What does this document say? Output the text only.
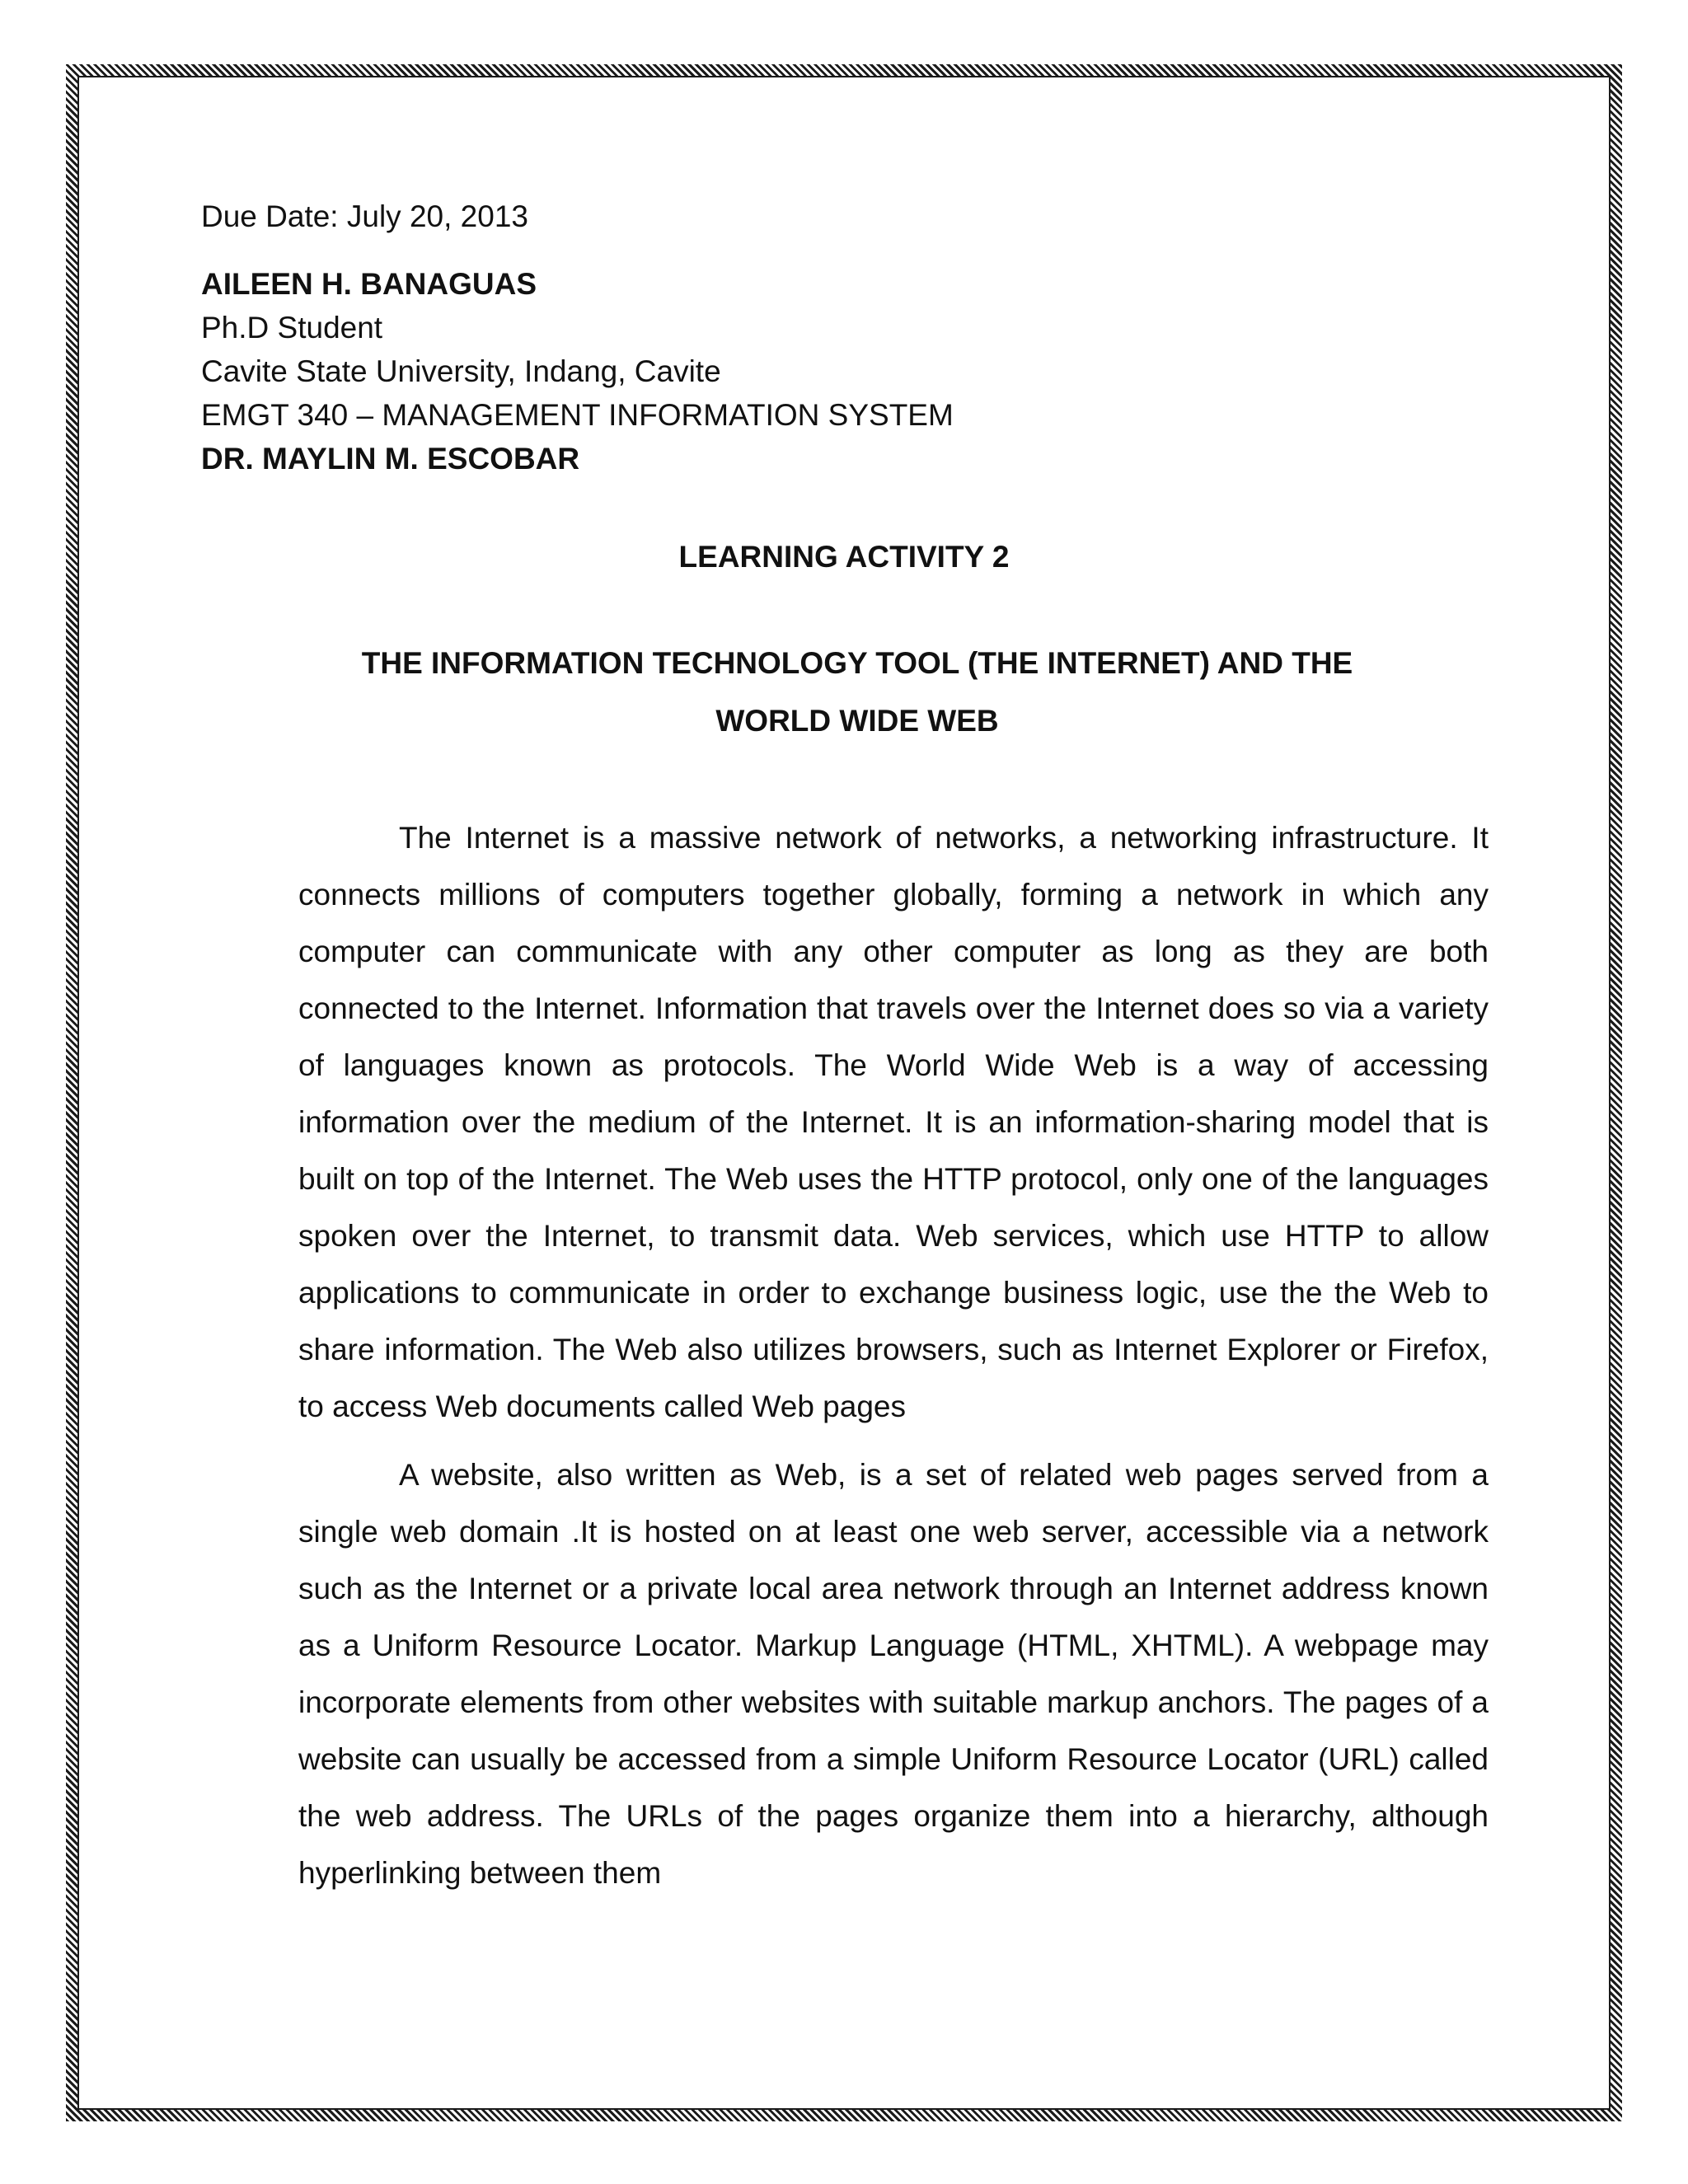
Due Date: July 20, 2013

AILEEN H. BANAGUAS

Ph.D Student

Cavite State University, Indang, Cavite

EMGT 340 – MANAGEMENT INFORMATION SYSTEM

DR. MAYLIN M. ESCOBAR

LEARNING ACTIVITY 2

THE INFORMATION TECHNOLOGY TOOL (THE INTERNET) AND THE
WORLD WIDE WEB

The Internet is a massive network of networks, a networking infrastructure. It connects millions of computers together globally, forming a network in which any computer can communicate with any other computer as long as they are both connected to the Internet. Information that travels over the Internet does so via a variety of languages known as protocols. The World Wide Web is a way of accessing information over the medium of the Internet. It is an information-sharing model that is built on top of the Internet. The Web uses the HTTP protocol, only one of the languages spoken over the Internet, to transmit data. Web services, which use HTTP to allow applications to communicate in order to exchange business logic, use the the Web to share information. The Web also utilizes browsers, such as Internet Explorer or Firefox, to access Web documents called Web pages

A website, also written as Web, is a set of related web pages served from a single web domain .It is hosted on at least one web server, accessible via a network such as the Internet or a private local area network through an Internet address known as a Uniform Resource Locator. Markup Language (HTML, XHTML). A webpage may incorporate elements from other websites with suitable markup anchors. The pages of a website can usually be accessed from a simple Uniform Resource Locator (URL) called the web address. The URLs of the pages organize them into a hierarchy, although hyperlinking between them
